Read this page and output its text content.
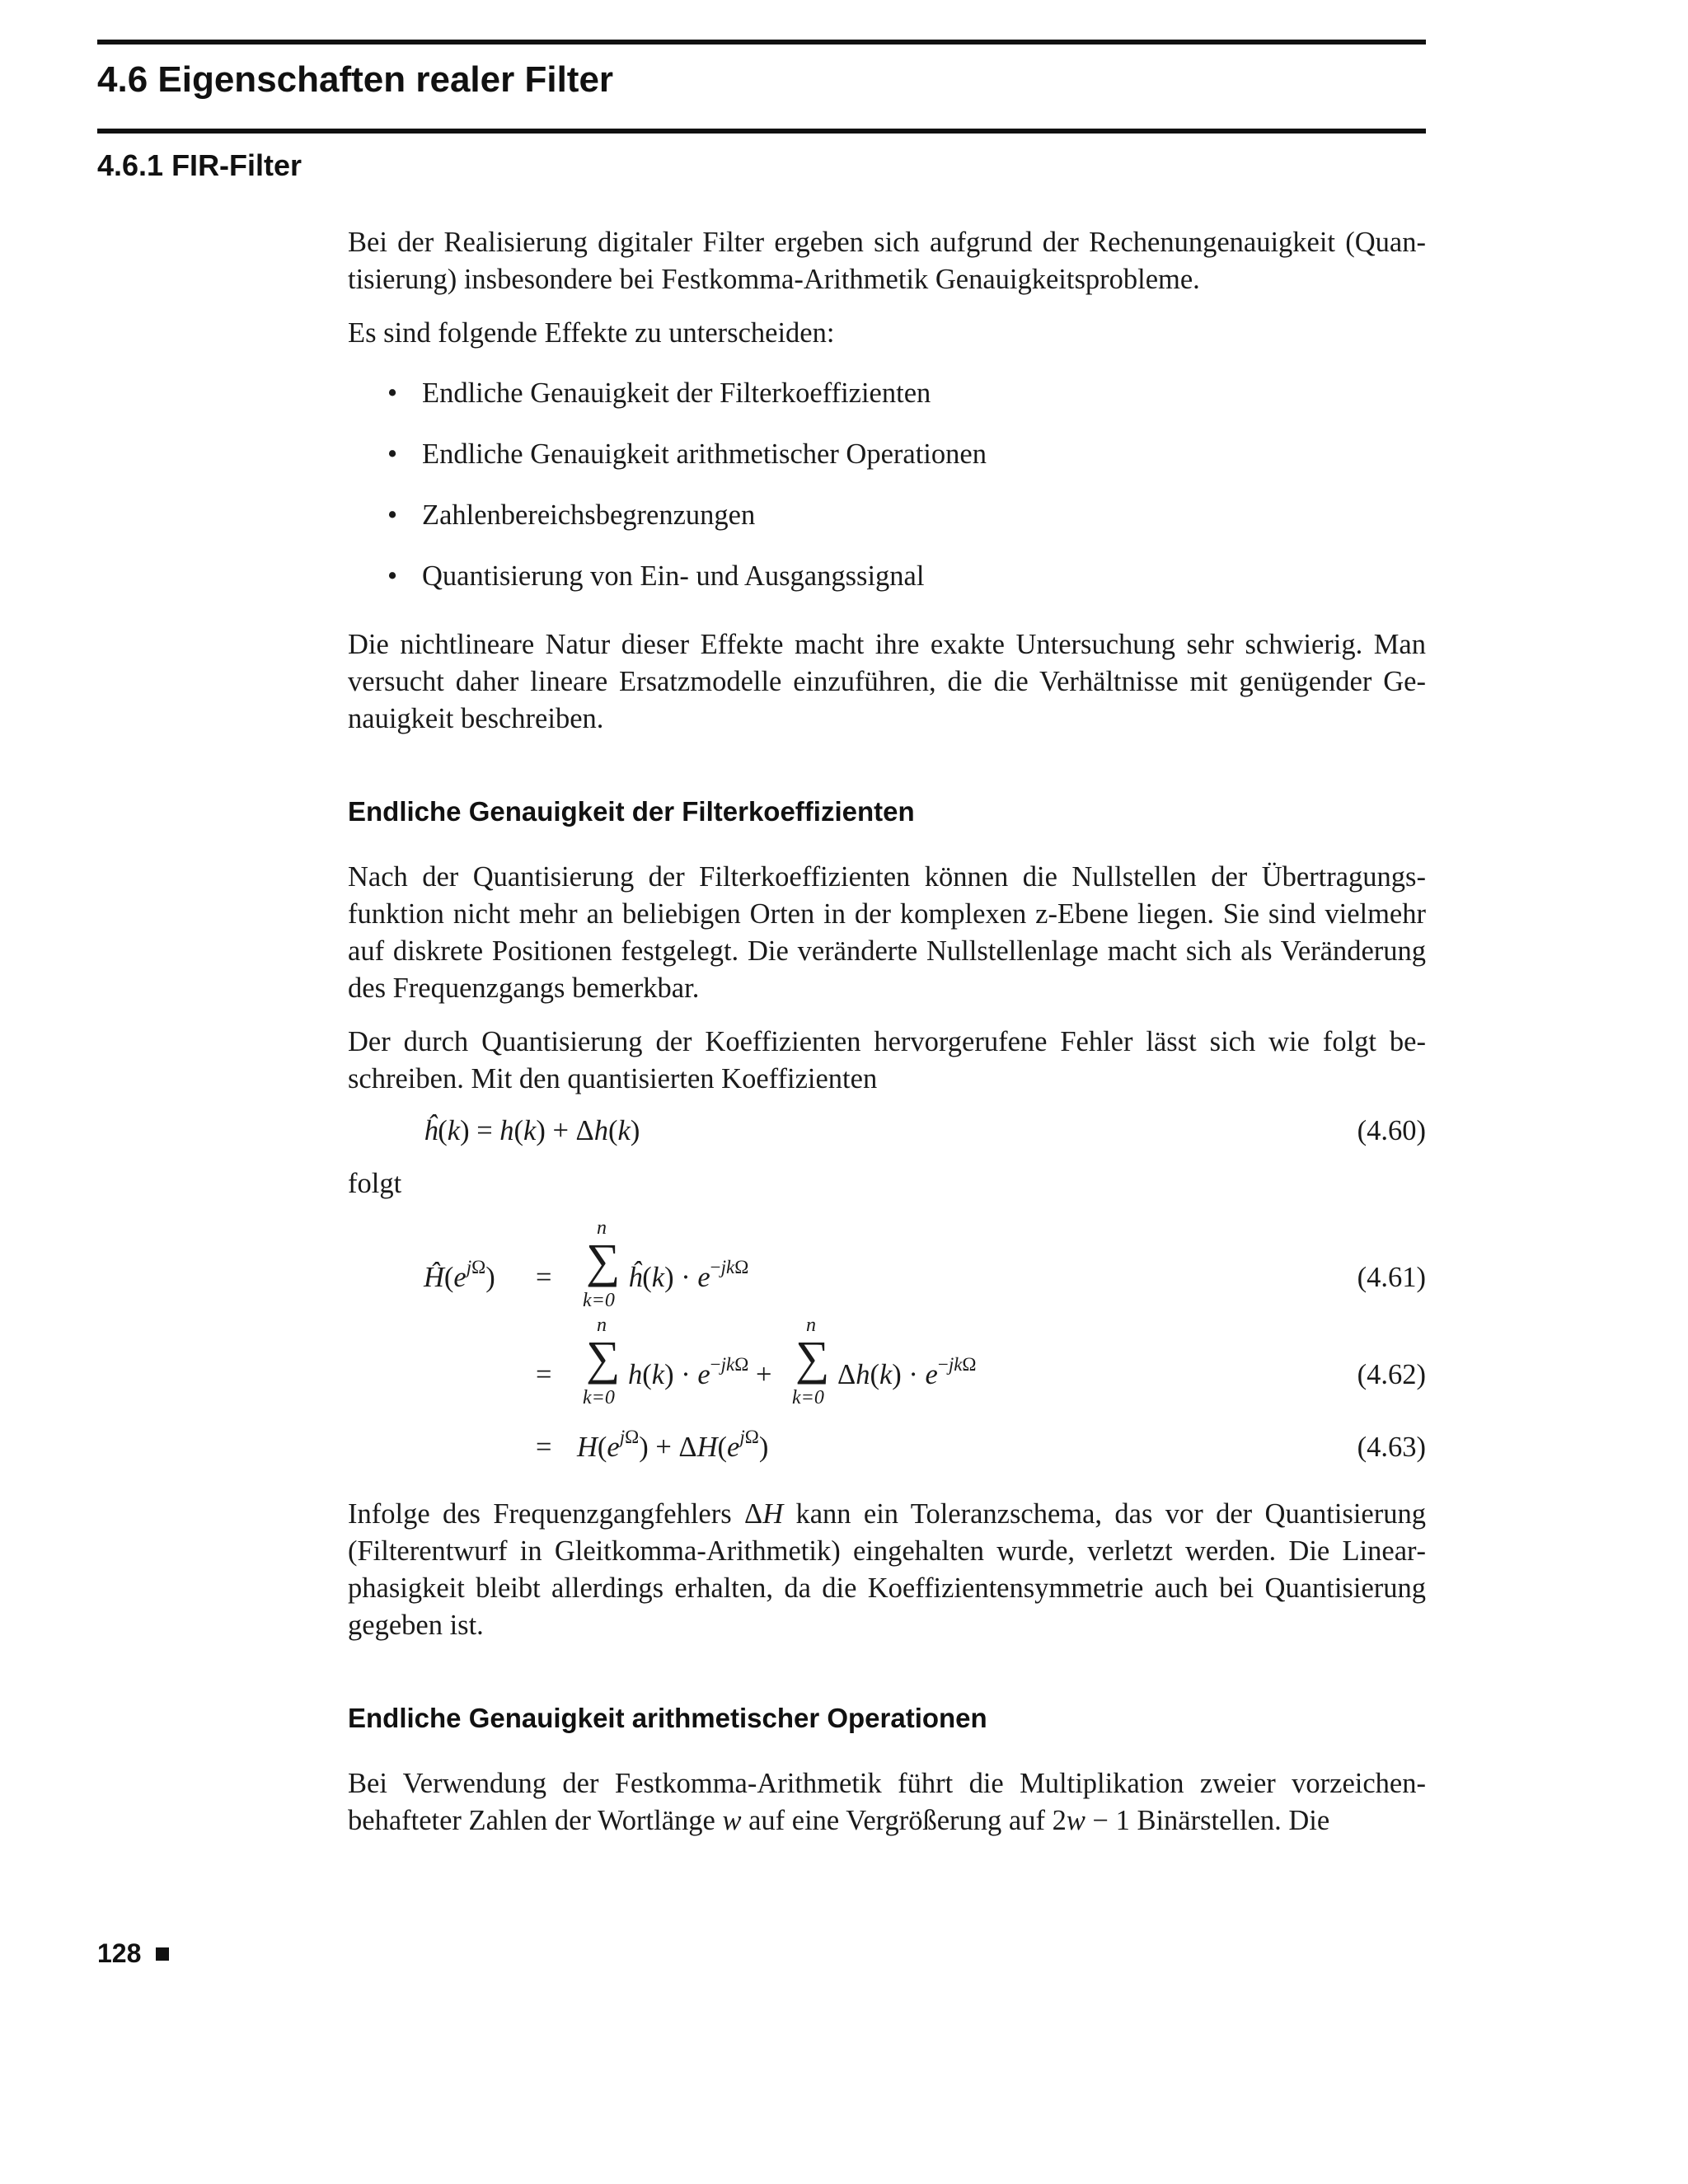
4.6 Eigenschaften realer Filter
4.6.1 FIR-Filter

Bei der Realisierung digitaler Filter ergeben sich aufgrund der Rechenungenauigkeit (Quantisierung) insbesondere bei Festkomma-Arithmetik Genauigkeitsprobleme.

Es sind folgende Effekte zu unterscheiden:

• Endliche Genauigkeit der Filterkoeffizienten
• Endliche Genauigkeit arithmetischer Operationen
• Zahlenbereichsbegrenzungen
• Quantisierung von Ein- und Ausgangssignal

Die nichtlineare Natur dieser Effekte macht ihre exakte Untersuchung sehr schwierig. Man versucht daher lineare Ersatzmodelle einzuführen, die die Verhältnisse mit genügender Genauigkeit beschreiben.

Endliche Genauigkeit der Filterkoeffizienten

Nach der Quantisierung der Filterkoeffizienten können die Nullstellen der Übertragungsfunktion nicht mehr an beliebigen Orten in der komplexen z-Ebene liegen. Sie sind vielmehr auf diskrete Positionen festgelegt. Die veränderte Nullstellenlage macht sich als Veränderung des Frequenzgangs bemerkbar.

Der durch Quantisierung der Koeffizienten hervorgerufene Fehler lässt sich wie folgt beschreiben. Mit den quantisierten Koeffizienten

ĥ(k) = h(k) + Δh(k)	(4.60)

folgt

$Ĥ(e^{j\Omega})$ =
n
∑
k=0
ĥ(k) · $e^{-jk\Omega}$	(4.61)
=
n
∑
k=0
$h(k) \cdot e^{-jk\Omega}$ +
n
∑
k=0
$\Delta h(k) \cdot e^{-jk\Omega}$	(4.62)
= $H(e^{j\Omega}) + \Delta H(e^{j\Omega})$	(4.63)

Infolge des Frequenzgangfehlers ΔH kann ein Toleranzschema, das vor der Quantisierung (Filterentwurf in Gleitkomma-Arithmetik) eingehalten wurde, verletzt werden. Die Linearphasigkeit bleibt allerdings erhalten, da die Koeffizientensymmetrie auch bei Quantisierung gegeben ist.

Endliche Genauigkeit arithmetischer Operationen

Bei Verwendung der Festkomma-Arithmetik führt die Multiplikation zweier vorzeichenbehafteter Zahlen der Wortlänge w auf eine Vergrößerung auf 2w − 1 Binärstellen. Die

128
